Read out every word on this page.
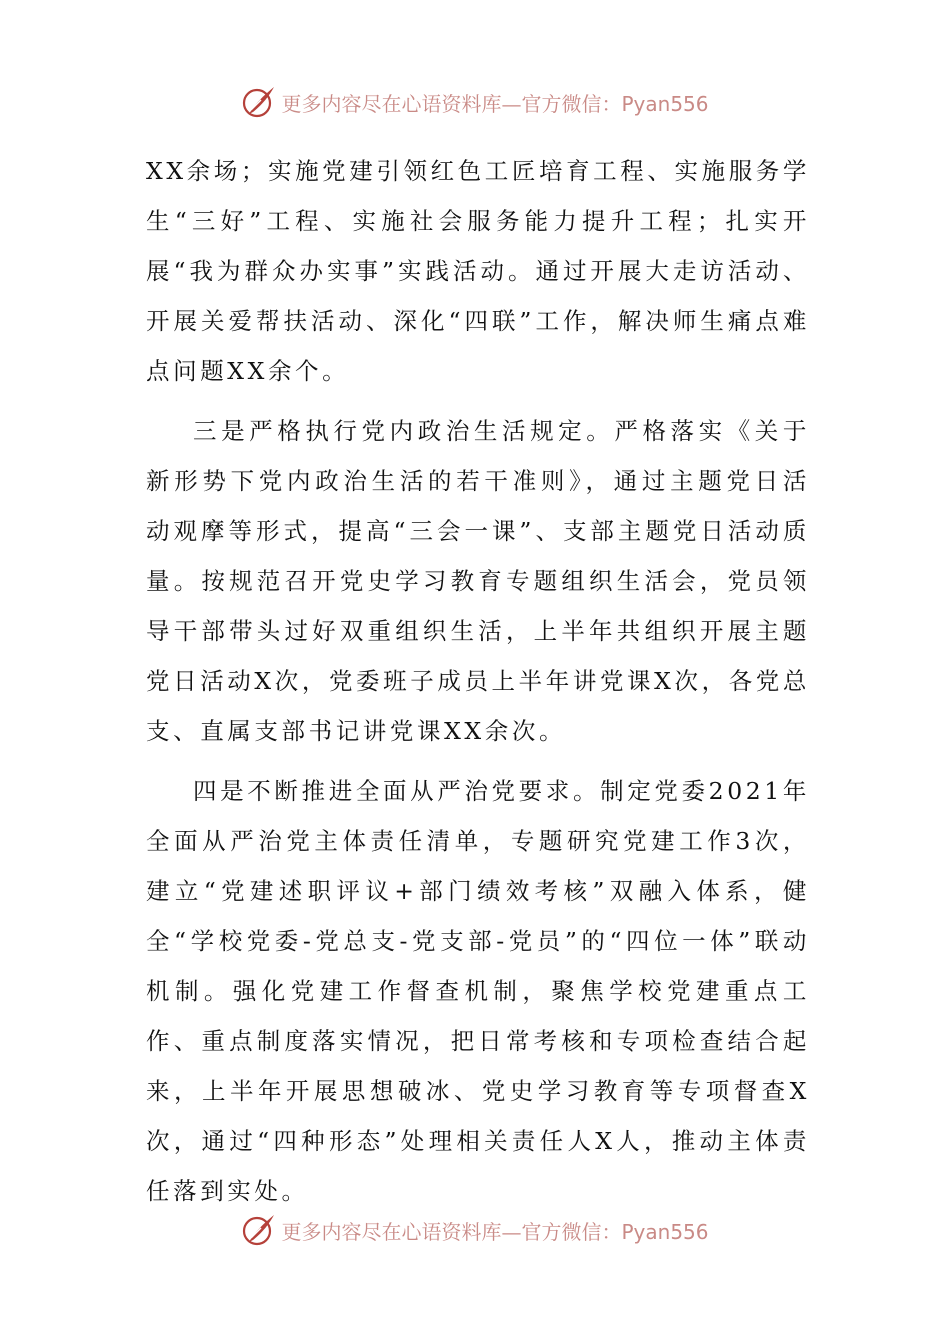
更多内容尽在心语资料库—官方微信：Pyan556

XX余场；实施党建引领红色工匠培育工程、实施服务学生“三好”工程、实施社会服务能力提升工程；扎实开展“我为群众办实事”实践活动。通过开展大走访活动、开展关爱帮扶活动、深化“四联”工作，解决师生痛点难点问题XX余个。

三是严格执行党内政治生活规定。严格落实《关于新形势下党内政治生活的若干准则》，通过主题党日活动观摩等形式，提高“三会一课”、支部主题党日活动质量。按规范召开党史学习教育专题组织生活会，党员领导干部带头过好双重组织生活，上半年共组织开展主题党日活动X次，党委班子成员上半年讲党课X次，各党总支、直属支部书记讲党课XX余次。

四是不断推进全面从严治党要求。制定党委2021年全面从严治党主体责任清单，专题研究党建工作3次，建立“党建述职评议+部门绩效考核”双融入体系，健全“学校党委-党总支-党支部-党员”的“四位一体”联动机制。强化党建工作督查机制，聚焦学校党建重点工作、重点制度落实情况，把日常考核和专项检查结合起来，上半年开展思想破冰、党史学习教育等专项督查X次，通过“四种形态”处理相关责任人X人，推动主体责任落到实处。

更多内容尽在心语资料库—官方微信：Pyan556
